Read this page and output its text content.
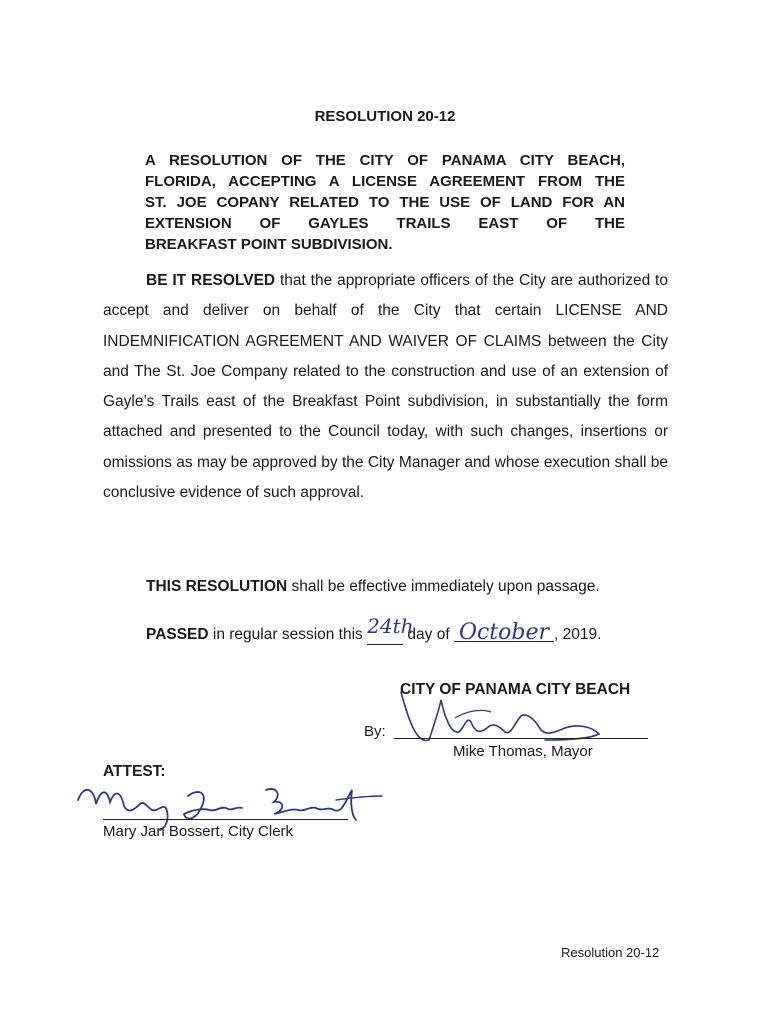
RESOLUTION 20-12
A RESOLUTION OF THE CITY OF PANAMA CITY BEACH,
FLORIDA, ACCEPTING A LICENSE AGREEMENT FROM THE
ST. JOE COPANY RELATED TO THE USE OF LAND FOR AN
EXTENSION OF GAYLES TRAILS EAST OF THE
BREAKFAST POINT SUBDIVISION.
BE IT RESOLVED that the appropriate officers of the City are authorized to accept and deliver on behalf of the City that certain LICENSE AND INDEMNIFICATION AGREEMENT AND WAIVER OF CLAIMS between the City and The St. Joe Company related to the construction and use of an extension of Gayle’s Trails east of the Breakfast Point subdivision, in substantially the form attached and presented to the Council today, with such changes, insertions or omissions as may be approved by the City Manager and whose execution shall be conclusive evidence of such approval.
THIS RESOLUTION shall be effective immediately upon passage.
PASSED in regular session this 24th day of October , 2019.
CITY OF PANAMA CITY BEACH
By:
Mike Thomas, Mayor
ATTEST:
Mary Jan Bossert, City Clerk
Resolution 20-12
